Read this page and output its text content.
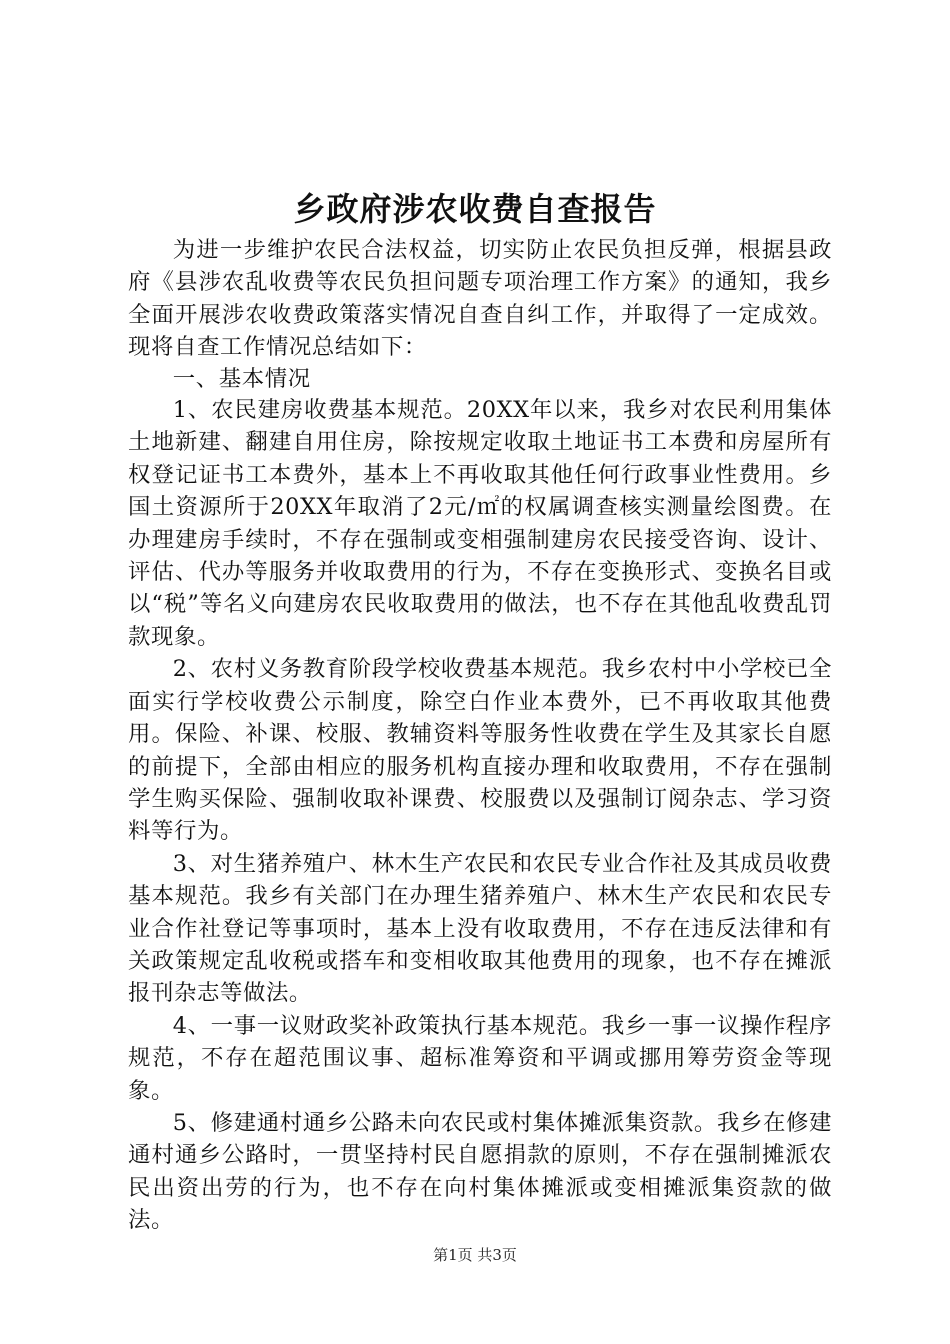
乡政府涉农收费自查报告

为进一步维护农民合法权益，切实防止农民负担反弹，根据县政府《县涉农乱收费等农民负担问题专项治理工作方案》的通知，我乡全面开展涉农收费政策落实情况自查自纠工作，并取得了一定成效。现将自查工作情况总结如下：

一、基本情况

1、农民建房收费基本规范。20XX年以来，我乡对农民利用集体土地新建、翻建自用住房，除按规定收取土地证书工本费和房屋所有权登记证书工本费外，基本上不再收取其他任何行政事业性费用。乡国土资源所于20XX年取消了2元/㎡的权属调查核实测量绘图费。在办理建房手续时，不存在强制或变相强制建房农民接受咨询、设计、评估、代办等服务并收取费用的行为，不存在变换形式、变换名目或以“税”等名义向建房农民收取费用的做法，也不存在其他乱收费乱罚款现象。

2、农村义务教育阶段学校收费基本规范。我乡农村中小学校已全面实行学校收费公示制度，除空白作业本费外，已不再收取其他费用。保险、补课、校服、教辅资料等服务性收费在学生及其家长自愿的前提下，全部由相应的服务机构直接办理和收取费用，不存在强制学生购买保险、强制收取补课费、校服费以及强制订阅杂志、学习资料等行为。

3、对生猪养殖户、林木生产农民和农民专业合作社及其成员收费基本规范。我乡有关部门在办理生猪养殖户、林木生产农民和农民专业合作社登记等事项时，基本上没有收取费用，不存在违反法律和有关政策规定乱收税或搭车和变相收取其他费用的现象，也不存在摊派报刊杂志等做法。

4、一事一议财政奖补政策执行基本规范。我乡一事一议操作程序规范，不存在超范围议事、超标准筹资和平调或挪用筹劳资金等现象。

5、修建通村通乡公路未向农民或村集体摊派集资款。我乡在修建通村通乡公路时，一贯坚持村民自愿捐款的原则，不存在强制摊派农民出资出劳的行为，也不存在向村集体摊派或变相摊派集资款的做法。

第1页 共3页
